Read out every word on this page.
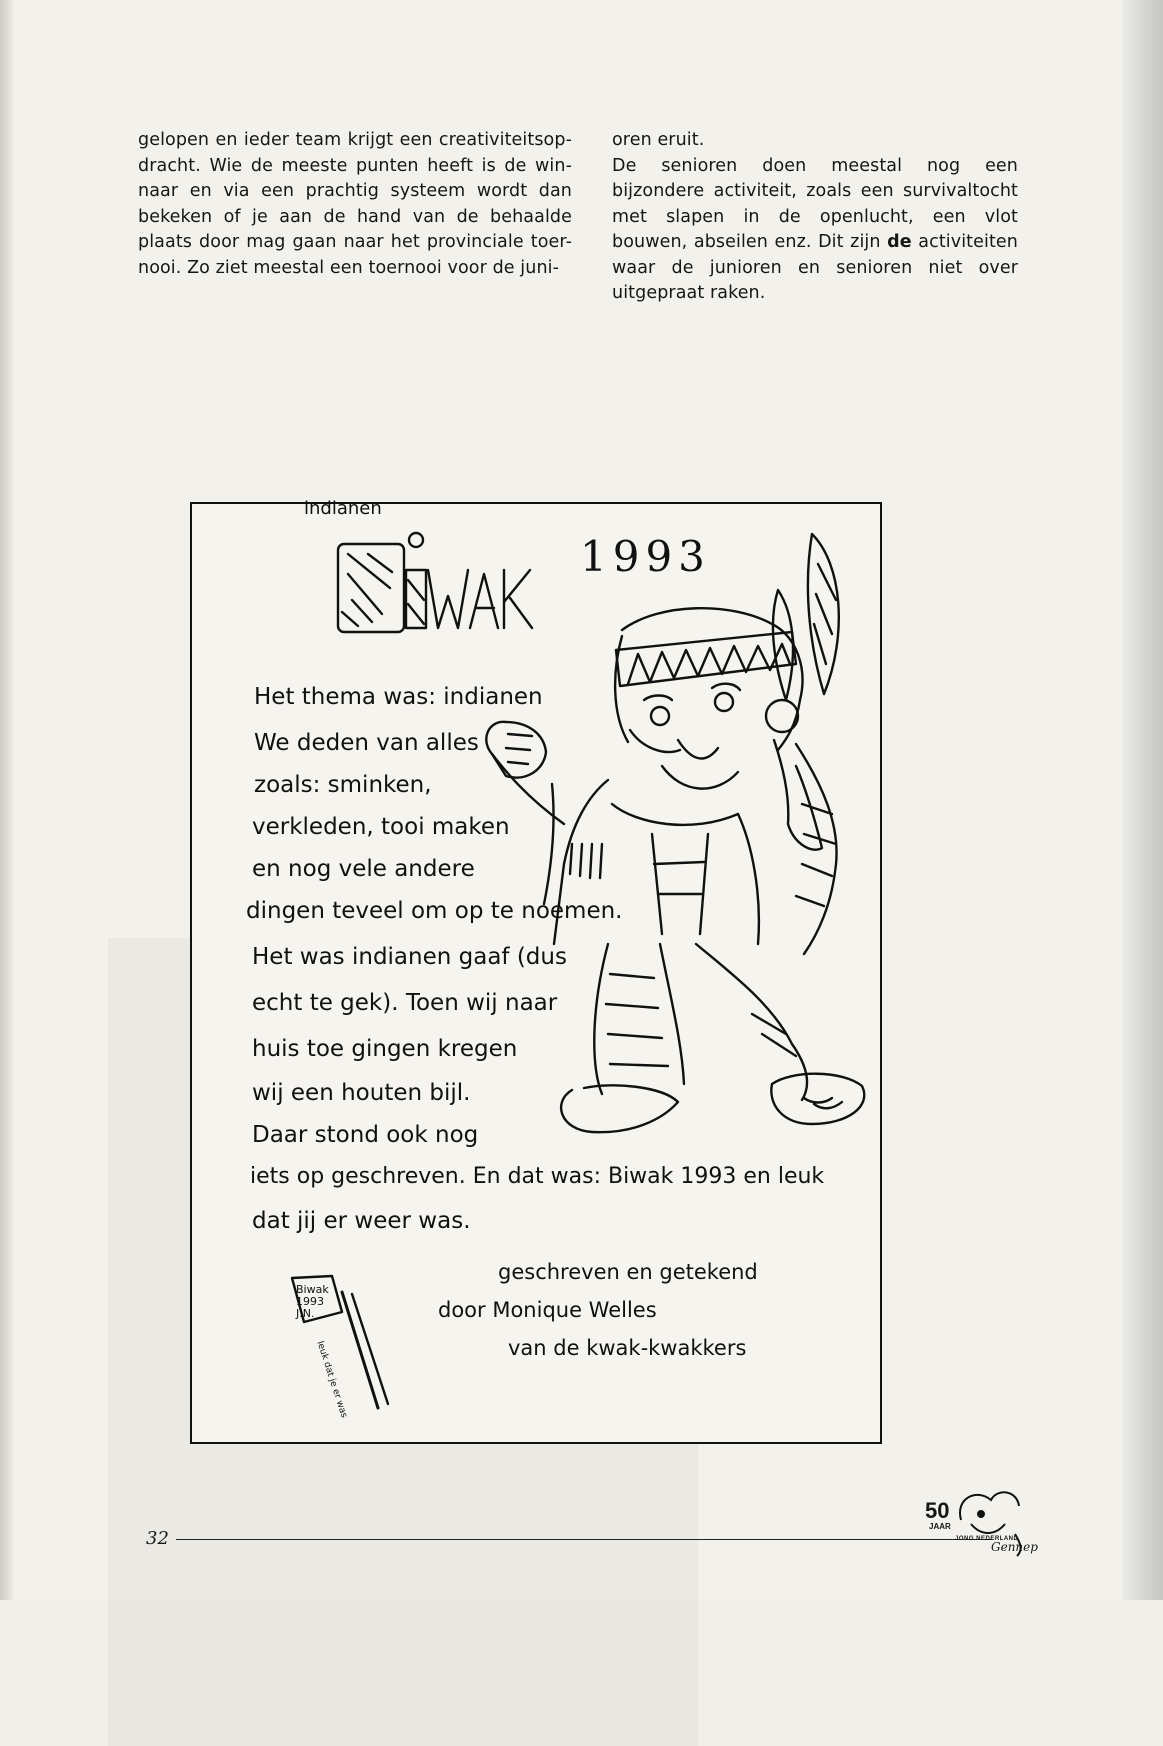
gelopen en ieder team krijgt een creativiteitsop-dracht. Wie de meeste punten heeft is de win-naar en via een prachtig systeem wordt dan bekeken of je aan de hand van de behaalde plaats door mag gaan naar het provinciale toer-nooi. Zo ziet meestal een toernooi voor de juni-

oren eruit.

De senioren doen meestal nog een bijzondere activiteit, zoals een survivaltocht met slapen in de openlucht, een vlot bouwen, abseilen enz. Dit zijn de activiteiten waar de junioren en senioren niet over uitgepraat raken.

indianen
1993
Het thema was: indianen
We deden van alles
zoals: sminken,
verkleden, tooi maken
en nog vele andere
dingen teveel om op te noemen.
Het was indianen gaaf (dus
echt te gek). Toen wij naar
huis toe gingen kregen
wij een houten bijl.
Daar stond ook nog
iets op geschreven. En dat was: Biwak 1993 en leuk
dat jij er weer was.
geschreven en getekend
door Monique Welles
van de kwak-kwakkers
Biwak
1993
J.N.
leuk dat je er was
32
50
JAAR
JONG NEDERLAND
Gennep
